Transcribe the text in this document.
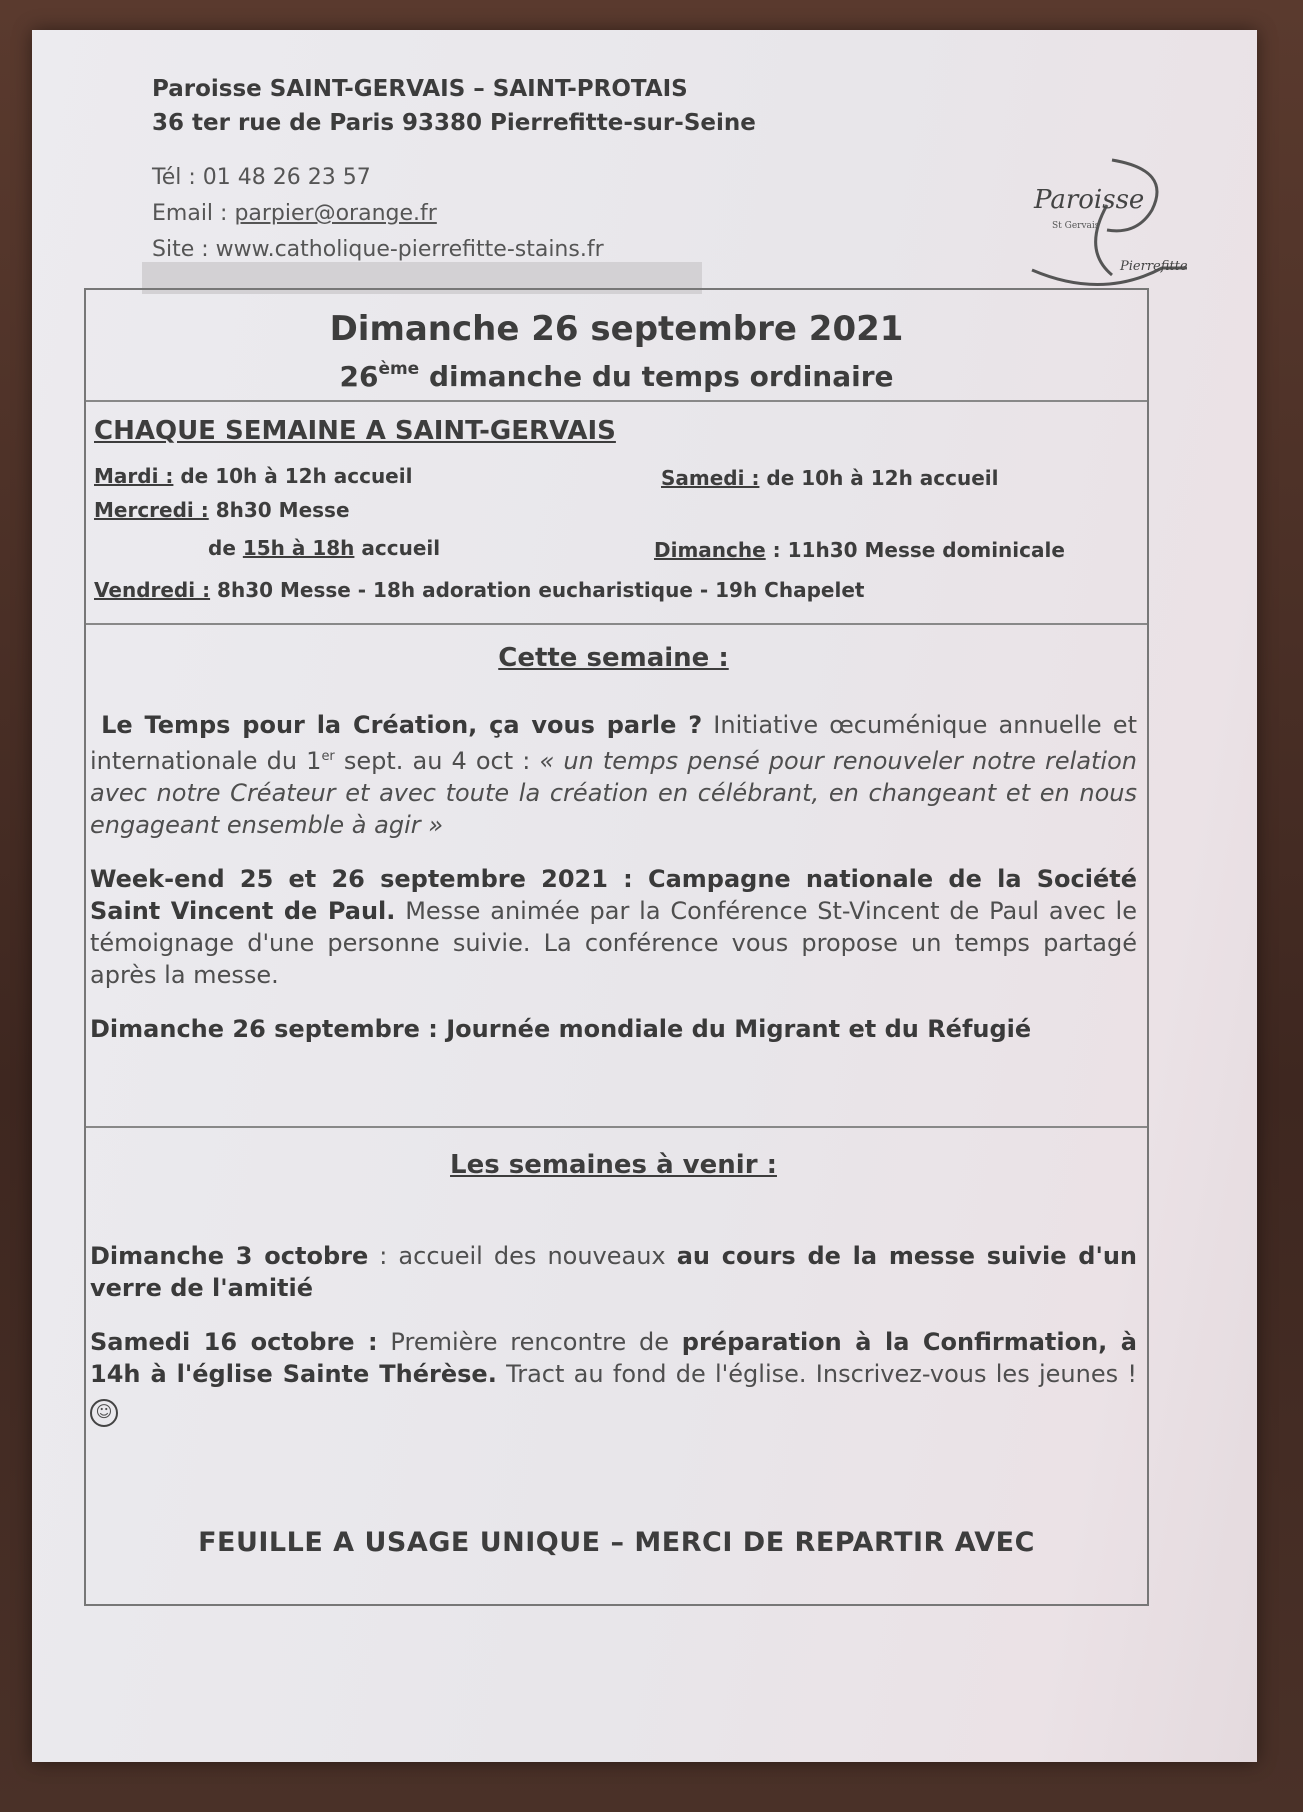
Paroisse SAINT-GERVAIS – SAINT-PROTAIS

36 ter rue de Paris 93380 Pierrefitte-sur-Seine

Tél : 01 48 26 23 57

Email : parpier@orange.fr

Site : www.catholique-pierrefitte-stains.fr

Paroisse
St Gervais
Pierrefitte
Dimanche 26 septembre 2021
26ème dimanche du temps ordinaire
CHAQUE SEMAINE A SAINT-GERVAIS
Mardi : de 10h à 12h accueil	Samedi : de 10h à 12h accueil
Mercredi : 8h30 Messe
de 15h à 18h accueil	Dimanche : 11h30 Messe dominicale
Vendredi : 8h30 Messe - 18h adoration eucharistique - 19h Chapelet
Cette semaine :

Le Temps pour la Création, ça vous parle ? Initiative œcuménique annuelle et internationale du 1er sept. au 4 oct : « un temps pensé pour renouveler notre relation avec notre Créateur et avec toute la création en célébrant, en changeant et en nous engageant ensemble à agir »

Week-end 25 et 26 septembre 2021 : Campagne nationale de la Société Saint Vincent de Paul. Messe animée par la Conférence St-Vincent de Paul avec le témoignage d'une personne suivie. La conférence vous propose un temps partagé après la messe.

Dimanche 26 septembre : Journée mondiale du Migrant et du Réfugié

Les semaines à venir :

Dimanche 3 octobre : accueil des nouveaux au cours de la messe suivie d'un verre de l'amitié

Samedi 16 octobre : Première rencontre de préparation à la Confirmation, à 14h à l'église Sainte Thérèse. Tract au fond de l'église. Inscrivez-vous les jeunes ! ☺

FEUILLE A USAGE UNIQUE – MERCI DE REPARTIR AVEC
